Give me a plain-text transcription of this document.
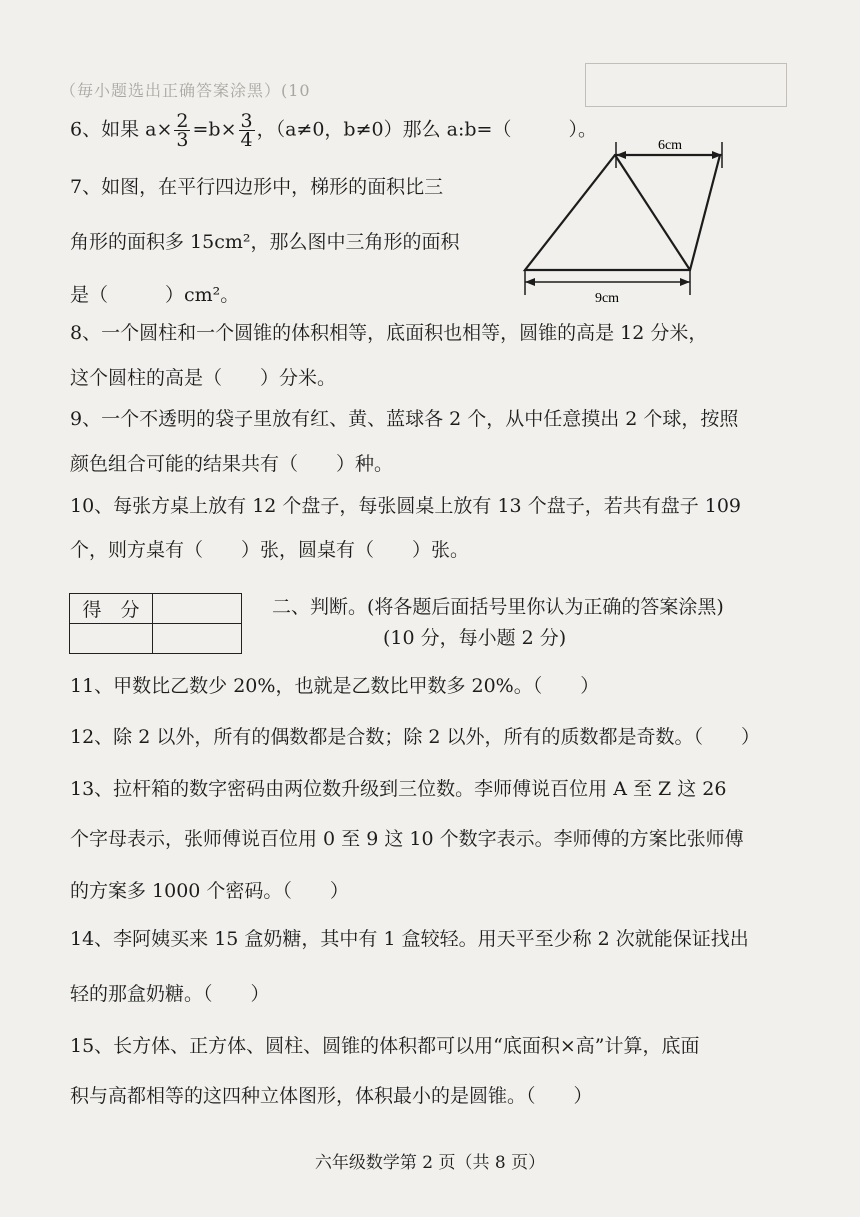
（毎小题选出正确答案涂黑）(10
6、如果 $a\times \frac{2}{3} =b\times \frac{3}{4}$ ，（a≠0，b≠0）那么 a:b=（　　　）。
7、如图，在平行四边形中，梯形的面积比三
角形的面积多 15cm²，那么图中三角形的面积
是（　　　）cm²。
6cm
9cm
8、一个圆柱和一个圆锥的体积相等，底面积也相等，圆锥的高是 12 分米，
这个圆柱的高是（　　）分米。
9、一个不透明的袋子里放有红、黄、蓝球各 2 个，从中任意摸出 2 个球，按照
颜色组合可能的结果共有（　　）种。
10、每张方桌上放有 12 个盘子，每张圆桌上放有 13 个盘子，若共有盘子 109
个，则方桌有（　　）张，圆桌有（　　）张。
得　分	
		二、判断。(将各题后面括号里你认为正确的答案涂黑)
(10 分，每小题 2 分)
11、甲数比乙数少 20%，也就是乙数比甲数多 20%。（　　）
12、除 2 以外，所有的偶数都是合数；除 2 以外，所有的质数都是奇数。（　　）
13、拉杆箱的数字密码由两位数升级到三位数。李师傅说百位用 A 至 Z 这 26
个字母表示，张师傅说百位用 0 至 9 这 10 个数字表示。李师傅的方案比张师傅
的方案多 1000 个密码。（　　）
14、李阿姨买来 15 盒奶糖，其中有 1 盒较轻。用天平至少称 2 次就能保证找出
轻的那盒奶糖。（　　）
15、长方体、正方体、圆柱、圆锥的体积都可以用“底面积×高”计算，底面
积与高都相等的这四种立体图形，体积最小的是圆锥。（　　）
六年级数学第 2 页（共 8 页）
